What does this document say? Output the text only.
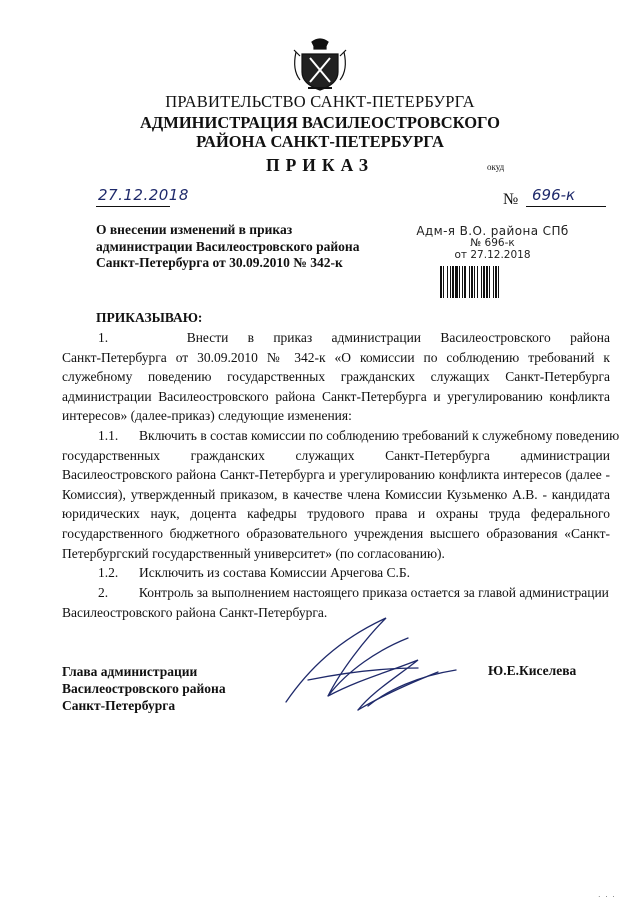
ПРАВИТЕЛЬСТВО САНКТ-ПЕТЕРБУРГА
АДМИНИСТРАЦИЯ ВАСИЛЕОСТРОВСКОГО
РАЙОНА САНКТ-ПЕТЕРБУРГА
ПРИКАЗ	окуд
27.12.2018	№ 696-к
О внесении изменений в приказ
администрации Василеостровского района
Санкт-Петербурга от 30.09.2010 № 342-к
Адм-я В.О. района СПб
№ 696-к
от 27.12.2018
ПРИКАЗЫВАЮ:
1.	Внести в приказ администрации Василеостровского района
Санкт-Петербурга от 30.09.2010 № 342-к «О комиссии по соблюдению требований к служебному поведению государственных гражданских служащих Санкт-Петербурга администрации Василеостровского района Санкт-Петербурга и урегулированию конфликта интересов» (далее-приказ) следующие изменения:
1.1. Включить в состав комиссии по соблюдению требований к служебному поведению
государственных гражданских служащих Санкт-Петербурга администрации Василеостровского района Санкт-Петербурга и урегулированию конфликта интересов (далее - Комиссия), утвержденный приказом, в качестве члена Комиссии Кузьменко А.В. - кандидата юридических наук, доцента кафедры трудового права и охраны труда федерального государственного бюджетного образовательного учреждения высшего образования «Санкт-Петербургский государственный университет» (по согласованию).
1.2. Исключить из состава Комиссии Арчегова С.Б.
2. Контроль за выполнением настоящего приказа остается за главой администрации
Василеостровского района Санкт-Петербурга.
Глава администрации
Василеостровского района
Санкт-Петербурга
Ю.Е.Киселева
. . .
